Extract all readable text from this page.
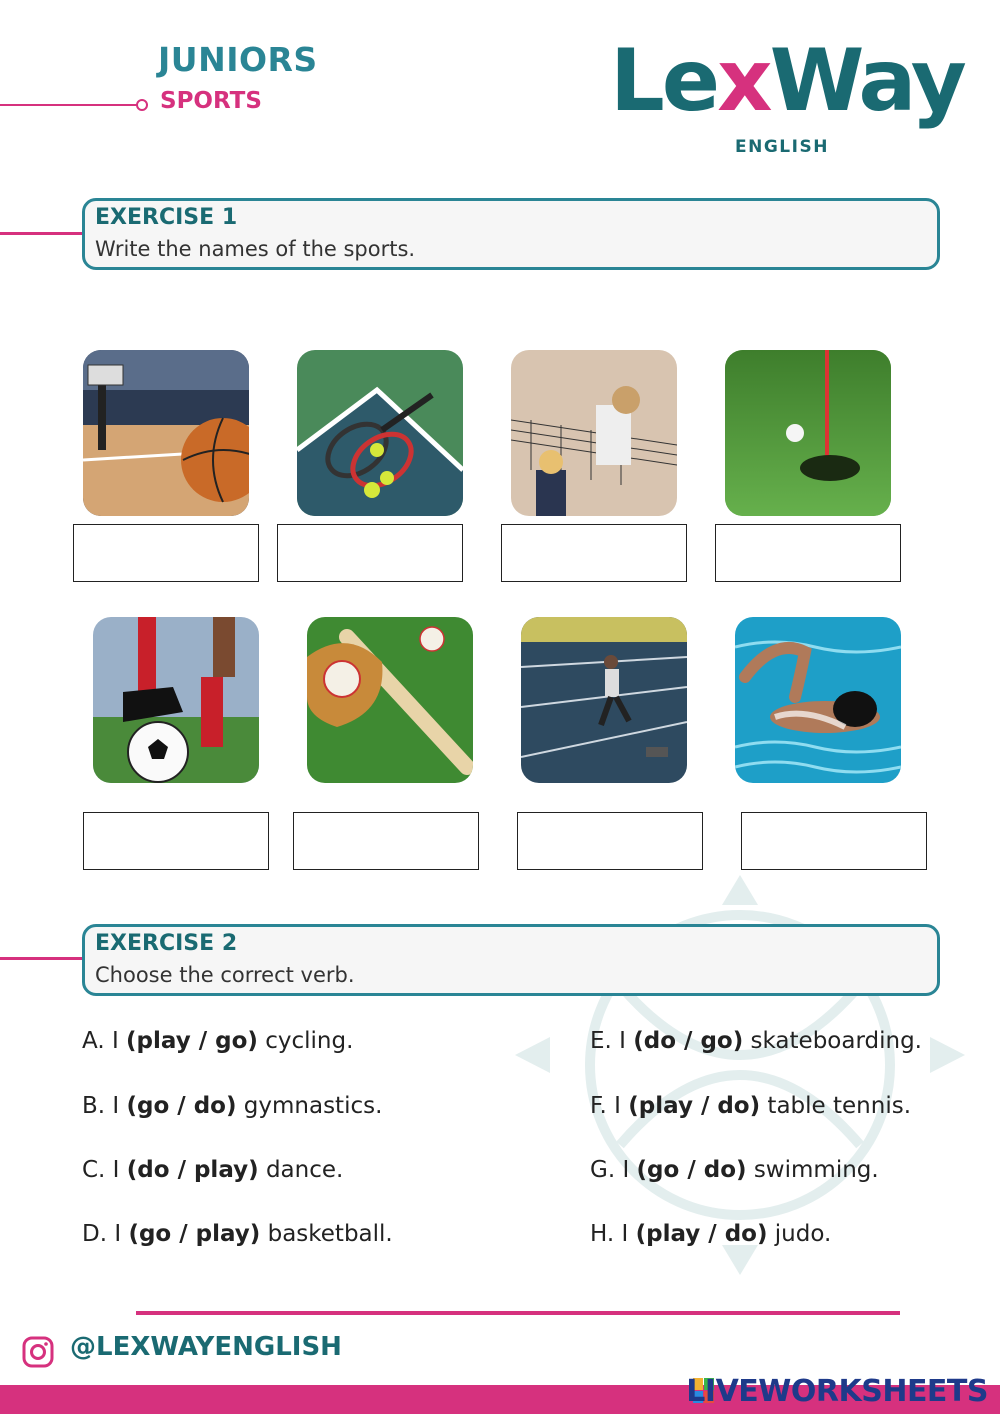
JUNIORS
SPORTS	LexWay
ENGLISH
EXERCISE 1
Write the names of the sports.
EXERCISE 2
Choose the correct verb.
A. I (play / go) cycling.
B. I (go / do) gymnastics.
C. I (do / play) dance.
D. I (go / play) basketball.
E. I (do / go) skateboarding.
F. I (play / do) table tennis.
G. I (go / do) swimming.
H. I (play / do) judo.
@LEXWAYENGLISH
LIVEWORKSHEETS
